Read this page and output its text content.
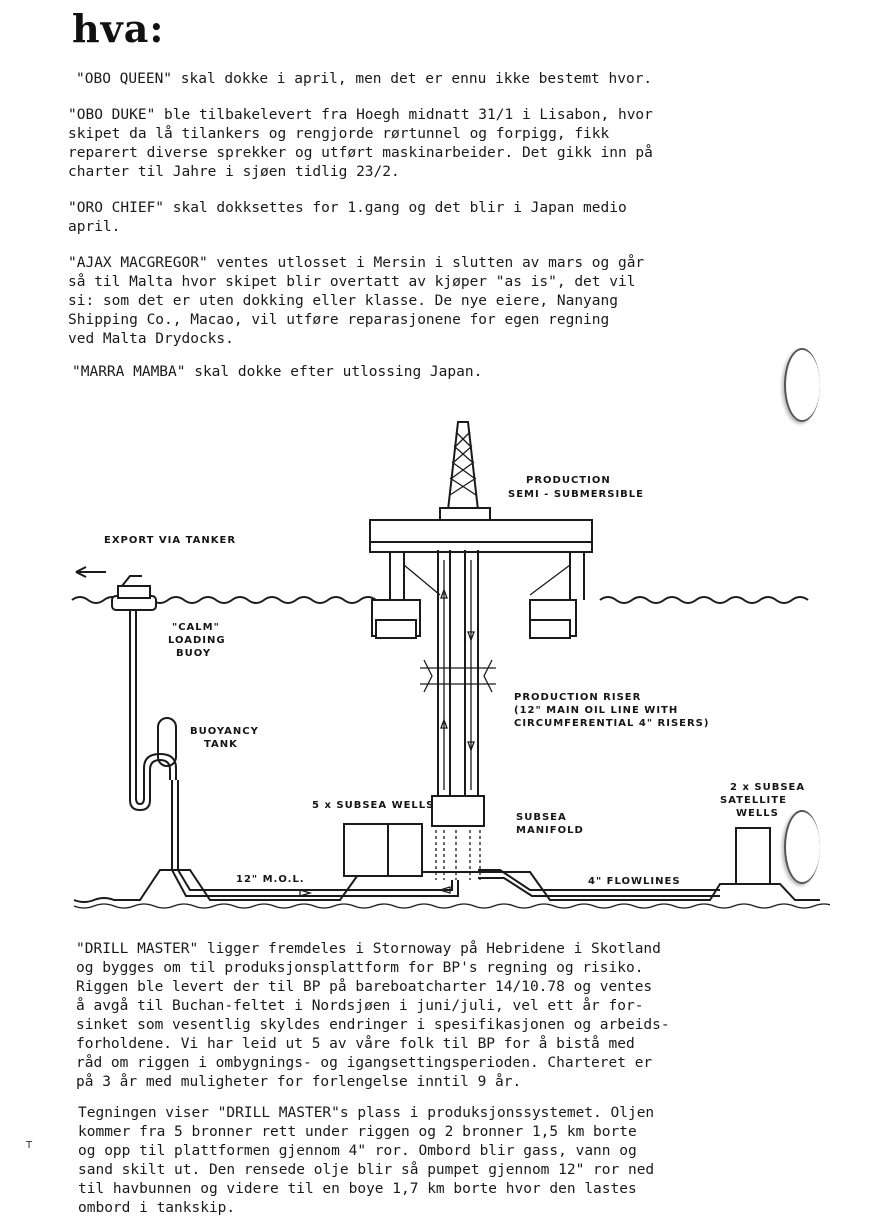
hva:

"OBO QUEEN" skal dokke i april, men det er ennu ikke bestemt hvor.

"OBO DUKE" ble tilbakelevert fra Hoegh midnatt 31/1 i Lisabon, hvor
skipet da lå tilankers og rengjorde rørtunnel og forpigg, fikk
reparert diverse sprekker og utført maskinarbeider. Det gikk inn på
charter til Jahre i sjøen tidlig 23/2.

"ORO CHIEF" skal dokksettes for 1.gang og det blir i Japan medio
april.

"AJAX MACGREGOR" ventes utlosset i Mersin i slutten av mars og går
så til Malta hvor skipet blir overtatt av kjøper "as is", det vil
si: som det er uten dokking eller klasse. De nye eiere, Nanyang
Shipping Co., Macao, vil utføre reparasjonene for egen regning
ved Malta Drydocks.

"MARRA MAMBA" skal dokke efter utlossing Japan.

PRODUCTION
SEMI - SUBMERSIBLE
EXPORT VIA TANKER
"CALM"
LOADING
BUOY
BUOYANCY
TANK
PRODUCTION RISER
(12" MAIN OIL LINE WITH
CIRCUMFERENTIAL 4" RISERS)
5 x SUBSEA WELLS
SUBSEA
MANIFOLD
2 x SUBSEA
SATELLITE
WELLS
12" M.O.L.	4" FLOWLINES

"DRILL MASTER" ligger fremdeles i Stornoway på Hebridene i Skotland
og bygges om til produksjonsplattform for BP's regning og risiko.
Riggen ble levert der til BP på bareboatcharter 14/10.78 og ventes
å avgå til Buchan-feltet i Nordsjøen i juni/juli, vel ett år for-
sinket som vesentlig skyldes endringer i spesifikasjonen og arbeids-
forholdene. Vi har leid ut 5 av våre folk til BP for å bistå med
råd om riggen i ombygnings- og igangsettingsperioden. Charteret er
på 3 år med muligheter for forlengelse inntil 9 år.

Tegningen viser "DRILL MASTER"s plass i produksjonssystemet. Oljen
kommer fra 5 bronner rett under riggen og 2 bronner 1,5 km borte
og opp til plattformen gjennom 4" ror. Ombord blir gass, vann og
sand skilt ut. Den rensede olje blir så pumpet gjennom 12" ror ned
til havbunnen og videre til en boye 1,7 km borte hvor den lastes
ombord i tankskip.

T
